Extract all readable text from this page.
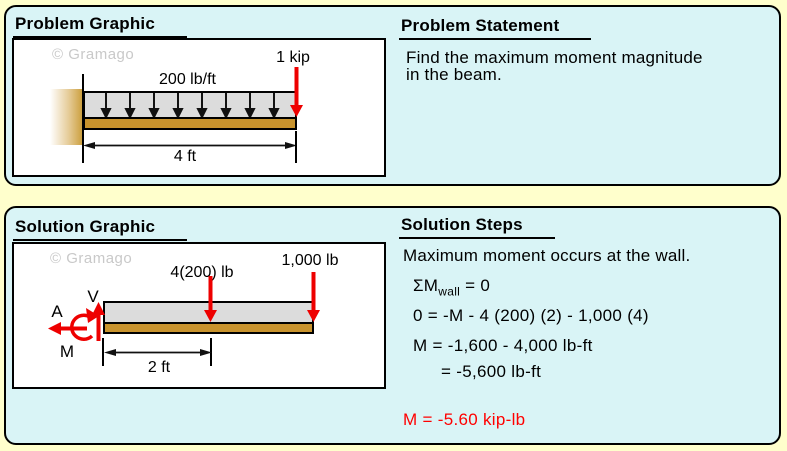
Problem Graphic
© Gramago
200 lb/ft
1 kip
4 ft
Problem Statement
Find the maximum moment magnitude
in the beam.
Solution Graphic
© Gramago
4(200) lb
1,000 lb
V
A
M
2 ft
Solution Steps
Maximum moment occurs at the wall.
$\Sigma M_{wall} = 0$
0 = -M - 4 (200) (2) - 1,000 (4)
M = -1,600 - 4,000 lb-ft
= -5,600 lb-ft
M = -5.60 kip-lb
